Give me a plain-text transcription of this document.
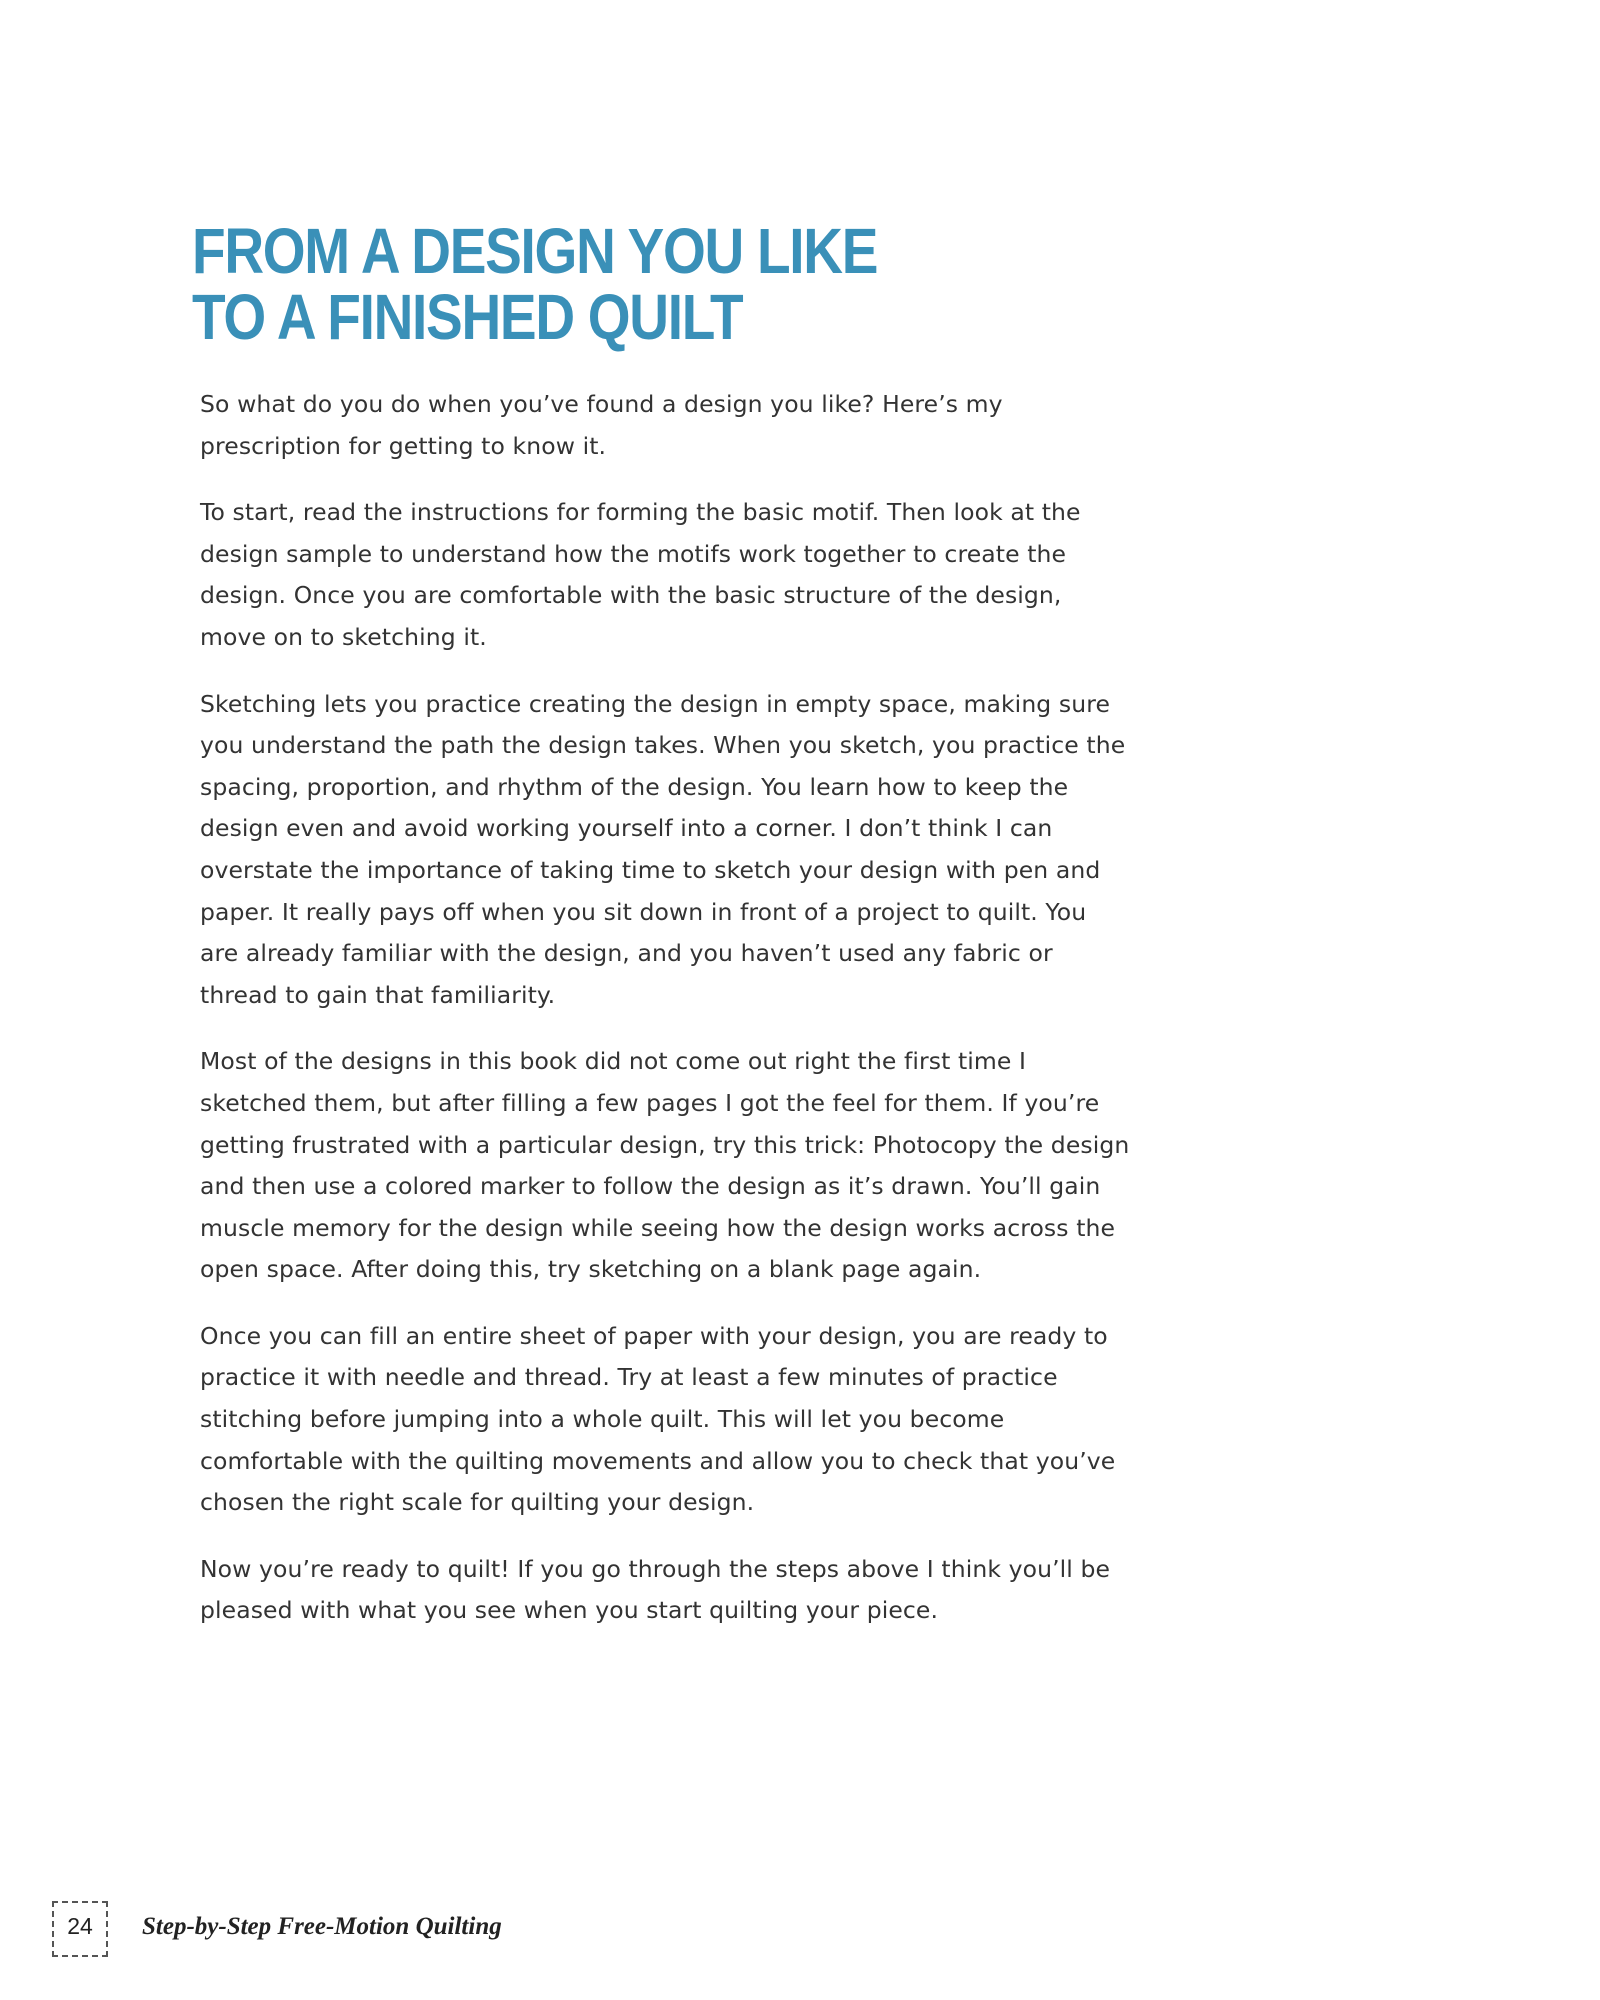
FROM A DESIGN YOU LIKE
TO A FINISHED QUILT

So what do you do when you’ve found a design you like? Here’s my prescription for getting to know it.

To start, read the instructions for forming the basic motif. Then look at the design sample to understand how the motifs work together to create the design. Once you are comfortable with the basic structure of the design, move on to sketching it.

Sketching lets you practice creating the design in empty space, making sure you understand the path the design takes. When you sketch, you practice the spacing, proportion, and rhythm of the design. You learn how to keep the design even and avoid working yourself into a corner. I don’t think I can overstate the importance of taking time to sketch your design with pen and paper. It really pays off when you sit down in front of a project to quilt. You are already familiar with the design, and you haven’t used any fabric or thread to gain that familiarity.

Most of the designs in this book did not come out right the first time I sketched them, but after filling a few pages I got the feel for them. If you’re getting frustrated with a particular design, try this trick: Photocopy the design and then use a colored marker to follow the design as it’s drawn. You’ll gain muscle memory for the design while seeing how the design works across the open space. After doing this, try sketching on a blank page again.

Once you can fill an entire sheet of paper with your design, you are ready to practice it with needle and thread. Try at least a few minutes of practice stitching before jumping into a whole quilt. This will let you become comfortable with the quilting movements and allow you to check that you’ve chosen the right scale for quilting your design.

Now you’re ready to quilt! If you go through the steps above I think you’ll be pleased with what you see when you start quilting your piece.

24	Step-by-Step Free-Motion Quilting
